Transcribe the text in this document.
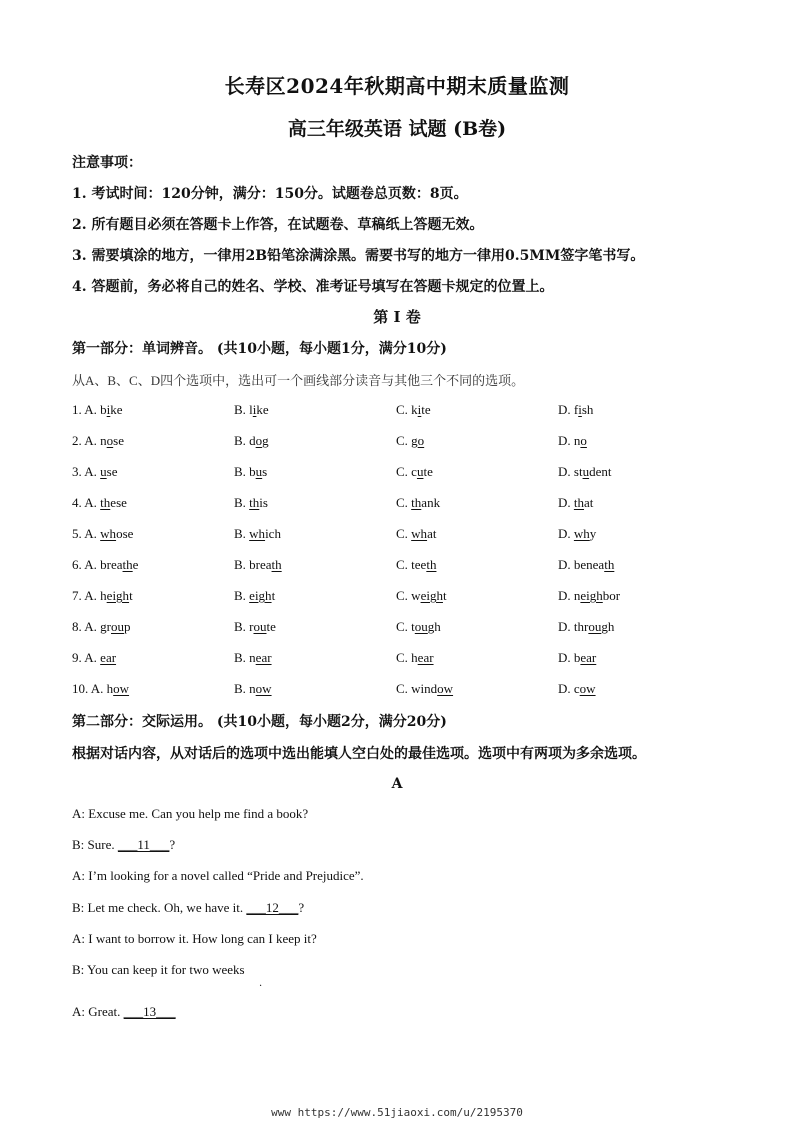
长寿区2024年秋期高中期末质量监测
高三年级英语 试题 (B卷)
注意事项：
1. 考试时间：120分钟，满分：150分。试题卷总页数：8页。
2. 所有题目必须在答题卡上作答，在试题卷、草稿纸上答题无效。
3. 需要填涂的地方，一律用2B铅笔涂满涂黑。需要书写的地方一律用0.5MM签字笔书写。
4. 答题前，务必将自己的姓名、学校、准考证号填写在答题卡规定的位置上。
第 Ⅰ 卷
第一部分：单词辨音。 (共10小题，每小题1分，满分10分)
从A、B、C、D四个选项中，选出可一个画线部分读音与其他三个不同的选项。
1. A. bike	B. like	C. kite	D. fish
2. A. nose	B. dog	C. go	D. no
3. A. use	B. bus	C. cute	D. student
4. A. these	B. this	C. thank	D. that
5. A. whose	B. which	C. what	D. why
6. A. breathe	B. breath	C. teeth	D. beneath
7. A. height	B. eight	C. weight	D. neighbor
8. A. group	B. route	C. tough	D. through
9. A. ear	B. near	C. hear	D. bear
10. A. how	B. now	C. window	D. cow
第二部分：交际运用。 (共10小题，每小题2分，满分20分)
根据对话内容，从对话后的选项中选出能填人空白处的最佳选项。选项中有两项为多余选项。
A
A: Excuse me. Can you help me find a book?
B: Sure. ___11___?
A: I’m looking for a novel called “Pride and Prejudice”.
B: Let me check. Oh, we have it. ___12___?
A: I want to borrow it. How long can I keep it?
B: You can keep it for two weeks
A: Great. ___13___
.
www https://www.51jiaoxi.com/u/2195370
